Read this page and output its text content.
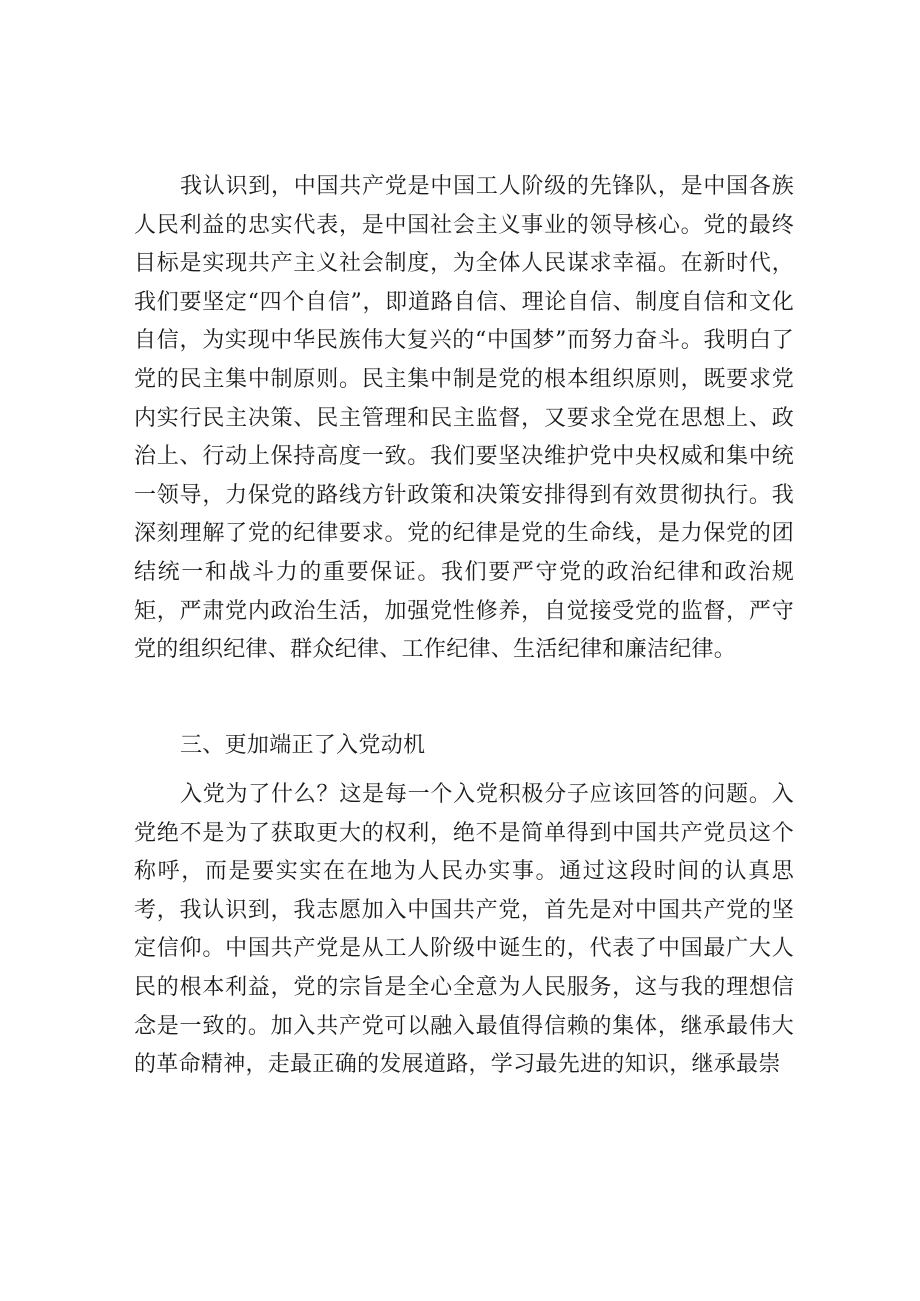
我认识到，中国共产党是中国工人阶级的先锋队，是中国各族人民利益的忠实代表，是中国社会主义事业的领导核心。党的最终目标是实现共产主义社会制度，为全体人民谋求幸福。在新时代，我们要坚定“四个自信”，即道路自信、理论自信、制度自信和文化自信，为实现中华民族伟大复兴的“中国梦”而努力奋斗。我明白了党的民主集中制原则。民主集中制是党的根本组织原则，既要求党内实行民主决策、民主管理和民主监督，又要求全党在思想上、政治上、行动上保持高度一致。我们要坚决维护党中央权威和集中统一领导，力保党的路线方针政策和决策安排得到有效贯彻执行。我深刻理解了党的纪律要求。党的纪律是党的生命线，是力保党的团结统一和战斗力的重要保证。我们要严守党的政治纪律和政治规矩，严肃党内政治生活，加强党性修养，自觉接受党的监督，严守党的组织纪律、群众纪律、工作纪律、生活纪律和廉洁纪律。

三、更加端正了入党动机

入党为了什么？这是每一个入党积极分子应该回答的问题。入党绝不是为了获取更大的权利，绝不是简单得到中国共产党员这个称呼，而是要实实在在地为人民办实事。通过这段时间的认真思考，我认识到，我志愿加入中国共产党，首先是对中国共产党的坚定信仰。中国共产党是从工人阶级中诞生的，代表了中国最广大人民的根本利益，党的宗旨是全心全意为人民服务，这与我的理想信念是一致的。加入共产党可以融入最值得信赖的集体，继承最伟大的革命精神，走最正确的发展道路，学习最先进的知识，继承最崇
